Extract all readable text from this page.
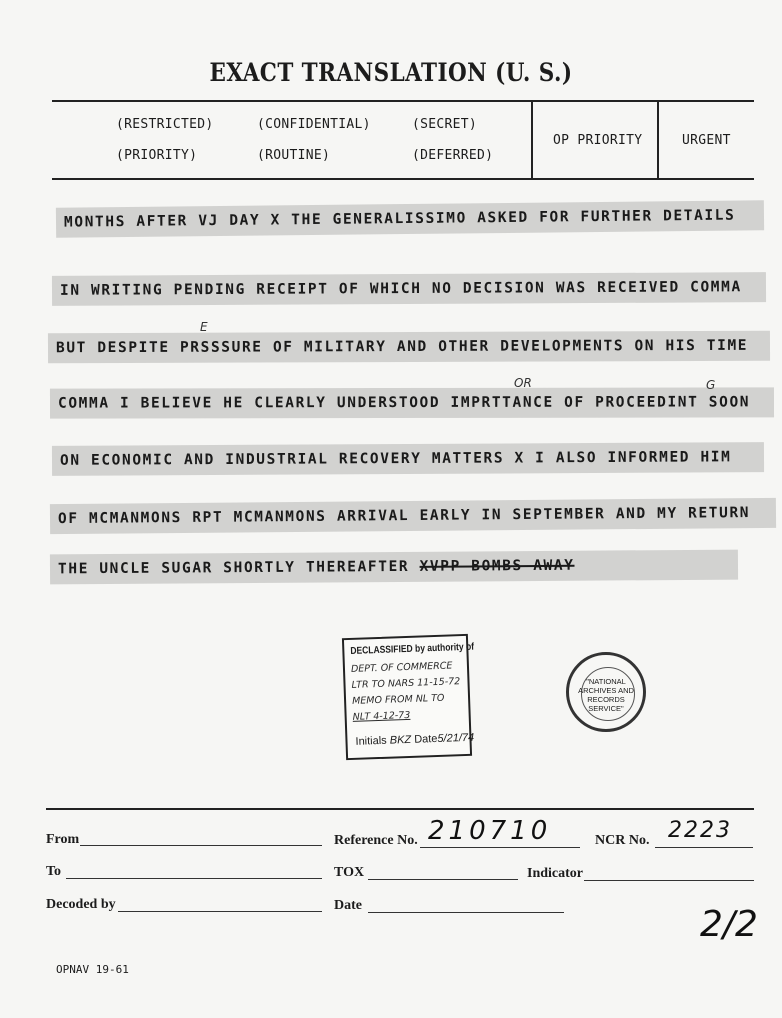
EXACT TRANSLATION (U. S.)
(RESTRICTED)	(CONFIDENTIAL)	(SECRET)
(PRIORITY)	(ROUTINE)	(DEFERRED)
OP PRIORITY	URGENT
MONTHS AFTER VJ DAY X THE GENERALISSIMO ASKED FOR FURTHER DETAILS
IN WRITING PENDING RECEIPT OF WHICH NO DECISION WAS RECEIVED COMMA
BUT DESPITE PRSSSURE OF MILITARY AND OTHER DEVELOPMENTS ON HIS TIME
COMMA I BELIEVE HE CLEARLY UNDERSTOOD IMPRTTANCE OF PROCEEDINT SOON
ON ECONOMIC AND INDUSTRIAL RECOVERY MATTERS X I ALSO INFORMED HIM
OF MCMANMONS RPT MCMANMONS ARRIVAL EARLY IN SEPTEMBER AND MY RETURN
THE UNCLE SUGAR SHORTLY THEREAFTER XVPP BOMBS AWAY
E
OR	G
DECLASSIFIED by authority of
DEPT. OF COMMERCE
LTR TO NARS 11-15-72
MEMO FROM NL TO
NLT 4-12-73
Initials BKZ Date5/21/74
"NATIONAL ARCHIVES AND RECORDS SERVICE"
From	Reference No. 210710	NCR No. 2223
To	TOX	Indicator
Decoded by	Date	2/2
OPNAV 19-61
